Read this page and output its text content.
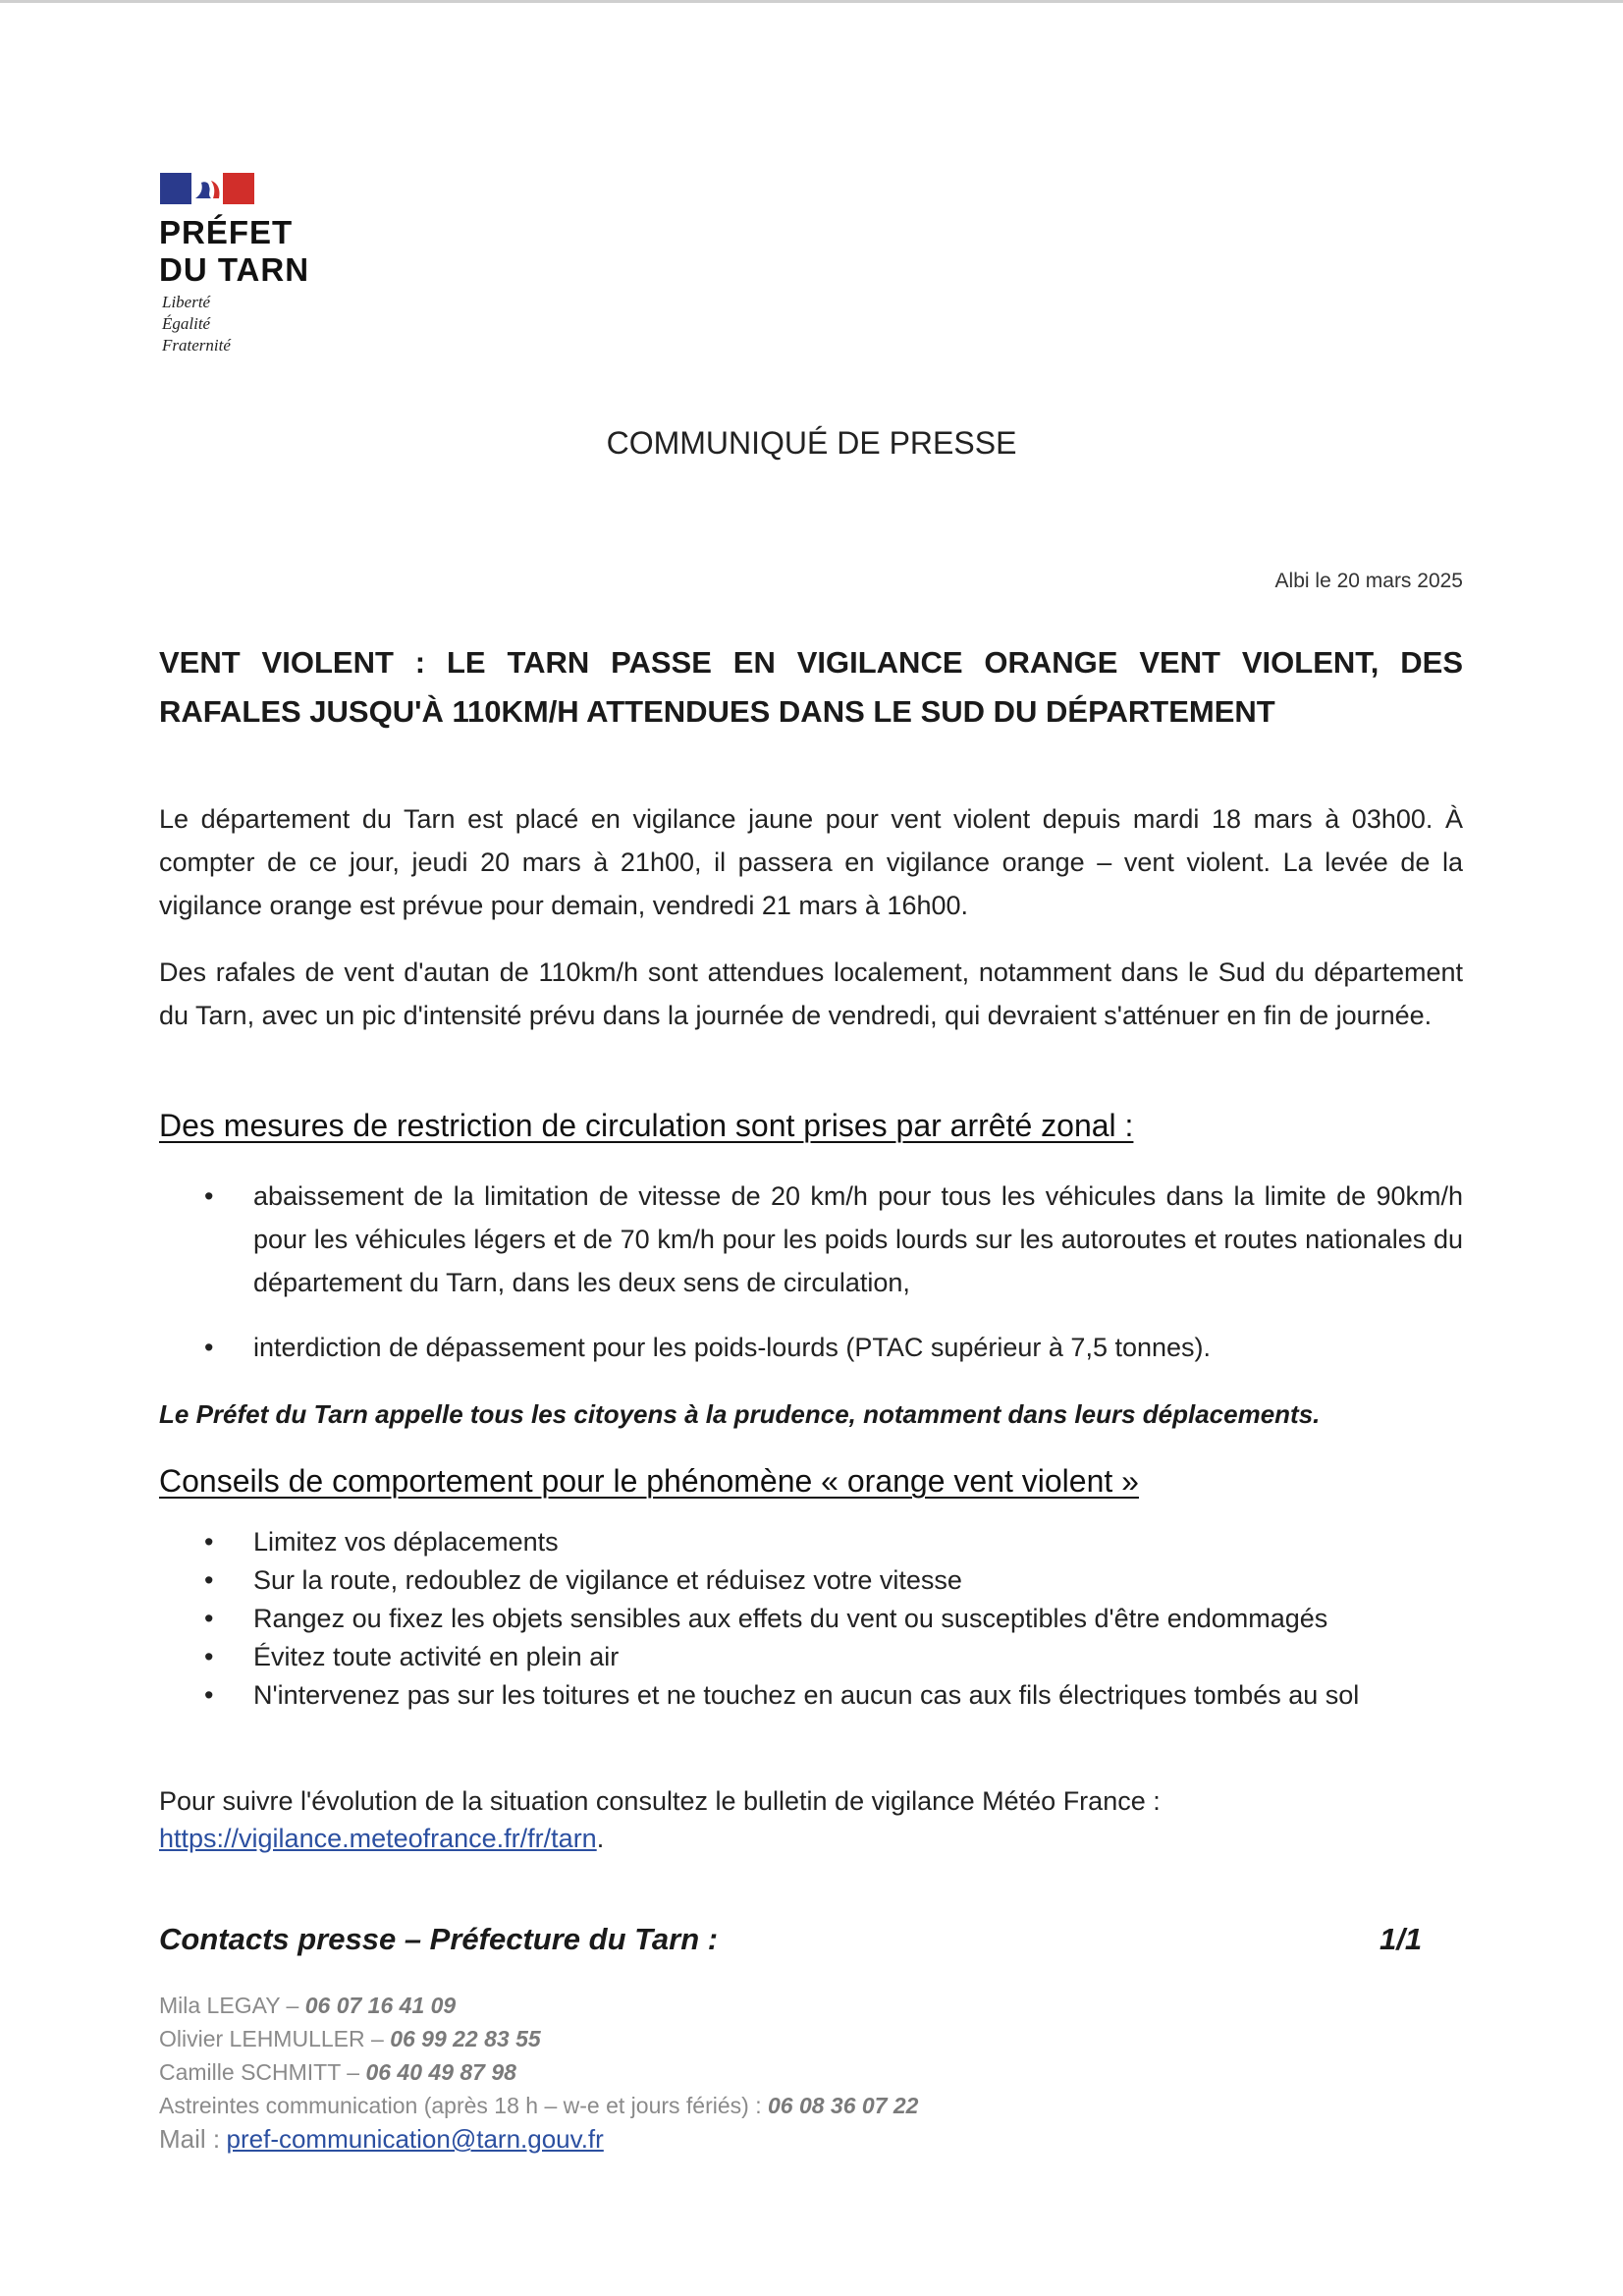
PRÉFET
DU TARN
Liberté
Égalité
Fraternité
COMMUNIQUÉ DE PRESSE
Albi le 20 mars 2025
VENT VIOLENT : LE TARN PASSE EN VIGILANCE ORANGE VENT VIOLENT, DES RAFALES JUSQU'À 110KM/H ATTENDUES DANS LE SUD DU DÉPARTEMENT
Le département du Tarn est placé en vigilance jaune pour vent violent depuis mardi 18 mars à 03h00. À compter de ce jour, jeudi 20 mars à 21h00, il passera en vigilance orange – vent violent. La levée de la vigilance orange est prévue pour demain, vendredi 21 mars à 16h00.
Des rafales de vent d'autan de 110km/h sont attendues localement, notamment dans le Sud du département du Tarn, avec un pic d'intensité prévu dans la journée de vendredi, qui devraient s'atténuer en fin de journée.
Des mesures de restriction de circulation sont prises par arrêté zonal :
• abaissement de la limitation de vitesse de 20 km/h pour tous les véhicules dans la limite de 90km/h pour les véhicules légers et de 70 km/h pour les poids lourds sur les autoroutes et routes nationales du département du Tarn, dans les deux sens de circulation,
• interdiction de dépassement pour les poids-lourds (PTAC supérieur à 7,5 tonnes).
Le Préfet du Tarn appelle tous les citoyens à la prudence, notamment dans leurs déplacements.
Conseils de comportement pour le phénomène « orange vent violent »
• Limitez vos déplacements
• Sur la route, redoublez de vigilance et réduisez votre vitesse
• Rangez ou fixez les objets sensibles aux effets du vent ou susceptibles d'être endommagés
• Évitez toute activité en plein air
• N'intervenez pas sur les toitures et ne touchez en aucun cas aux fils électriques tombés au sol
Pour suivre l'évolution de la situation consultez le bulletin de vigilance Météo France :
https://vigilance.meteofrance.fr/fr/tarn.
Contacts presse – Préfecture du Tarn :	1/1
Mila LEGAY – 06 07 16 41 09
Olivier LEHMULLER – 06 99 22 83 55
Camille SCHMITT – 06 40 49 87 98
Astreintes communication (après 18 h – w-e et jours fériés) : 06 08 36 07 22
Mail : pref-communication@tarn.gouv.fr
